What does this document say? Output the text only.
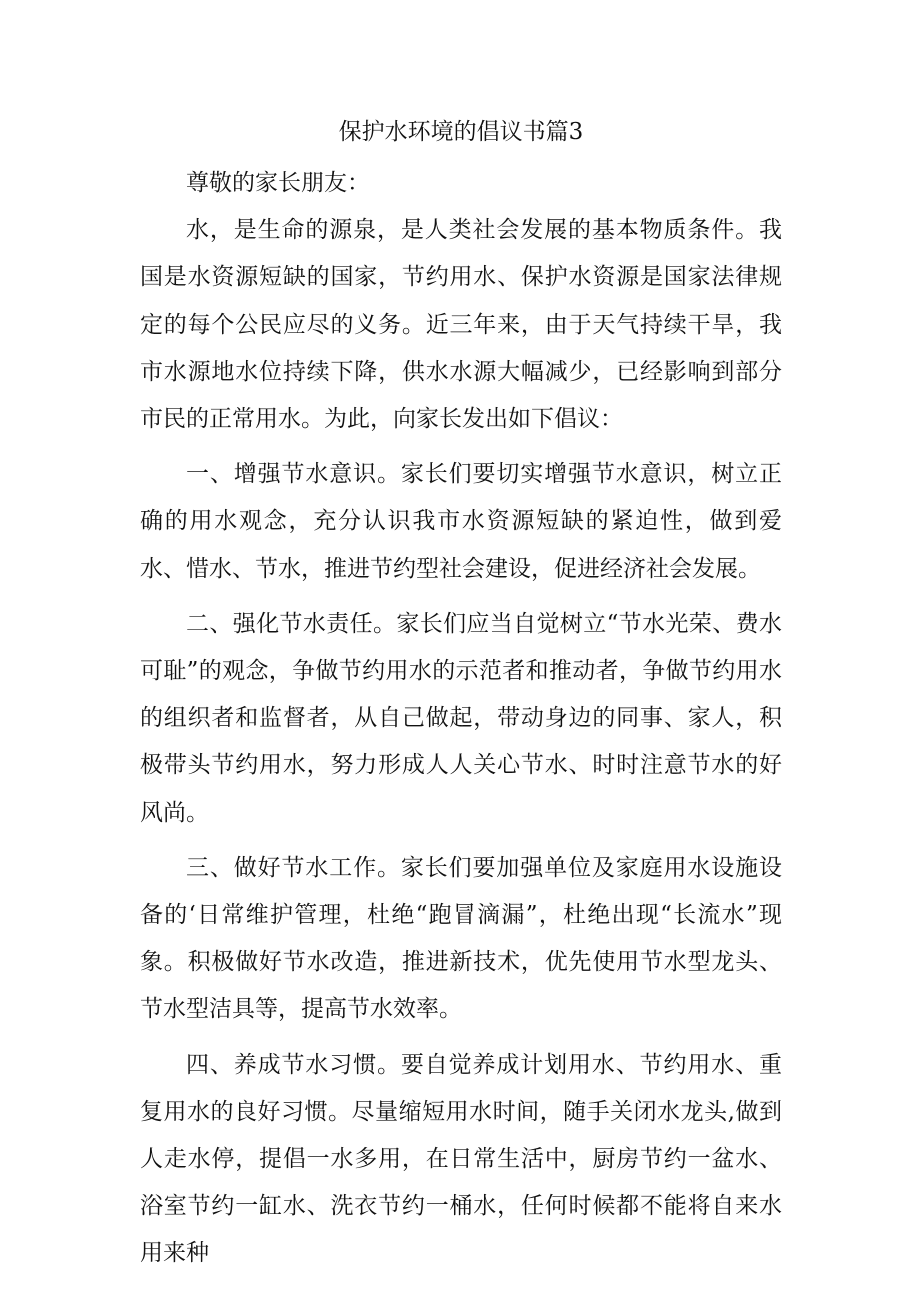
保护水环境的倡议书篇3

尊敬的家长朋友：

水，是生命的源泉，是人类社会发展的基本物质条件。我国是水资源短缺的国家，节约用水、保护水资源是国家法律规定的每个公民应尽的义务。近三年来，由于天气持续干旱，我市水源地水位持续下降，供水水源大幅减少，已经影响到部分市民的正常用水。为此，向家长发出如下倡议：

一、增强节水意识。家长们要切实增强节水意识，树立正确的用水观念，充分认识我市水资源短缺的紧迫性，做到爱水、惜水、节水，推进节约型社会建设，促进经济社会发展。

二、强化节水责任。家长们应当自觉树立“节水光荣、费水可耻”的观念，争做节约用水的示范者和推动者，争做节约用水的组织者和监督者，从自己做起，带动身边的同事、家人，积极带头节约用水，努力形成人人关心节水、时时注意节水的好风尚。

三、做好节水工作。家长们要加强单位及家庭用水设施设备的‘日常维护管理，杜绝“跑冒滴漏”，杜绝出现“长流水”现象。积极做好节水改造，推进新技术，优先使用节水型龙头、节水型洁具等，提高节水效率。

四、养成节水习惯。要自觉养成计划用水、节约用水、重复用水的良好习惯。尽量缩短用水时间，随手关闭水龙头,做到人走水停，提倡一水多用，在日常生活中，厨房节约一盆水、浴室节约一缸水、洗衣节约一桶水，任何时候都不能将自来水用来种
